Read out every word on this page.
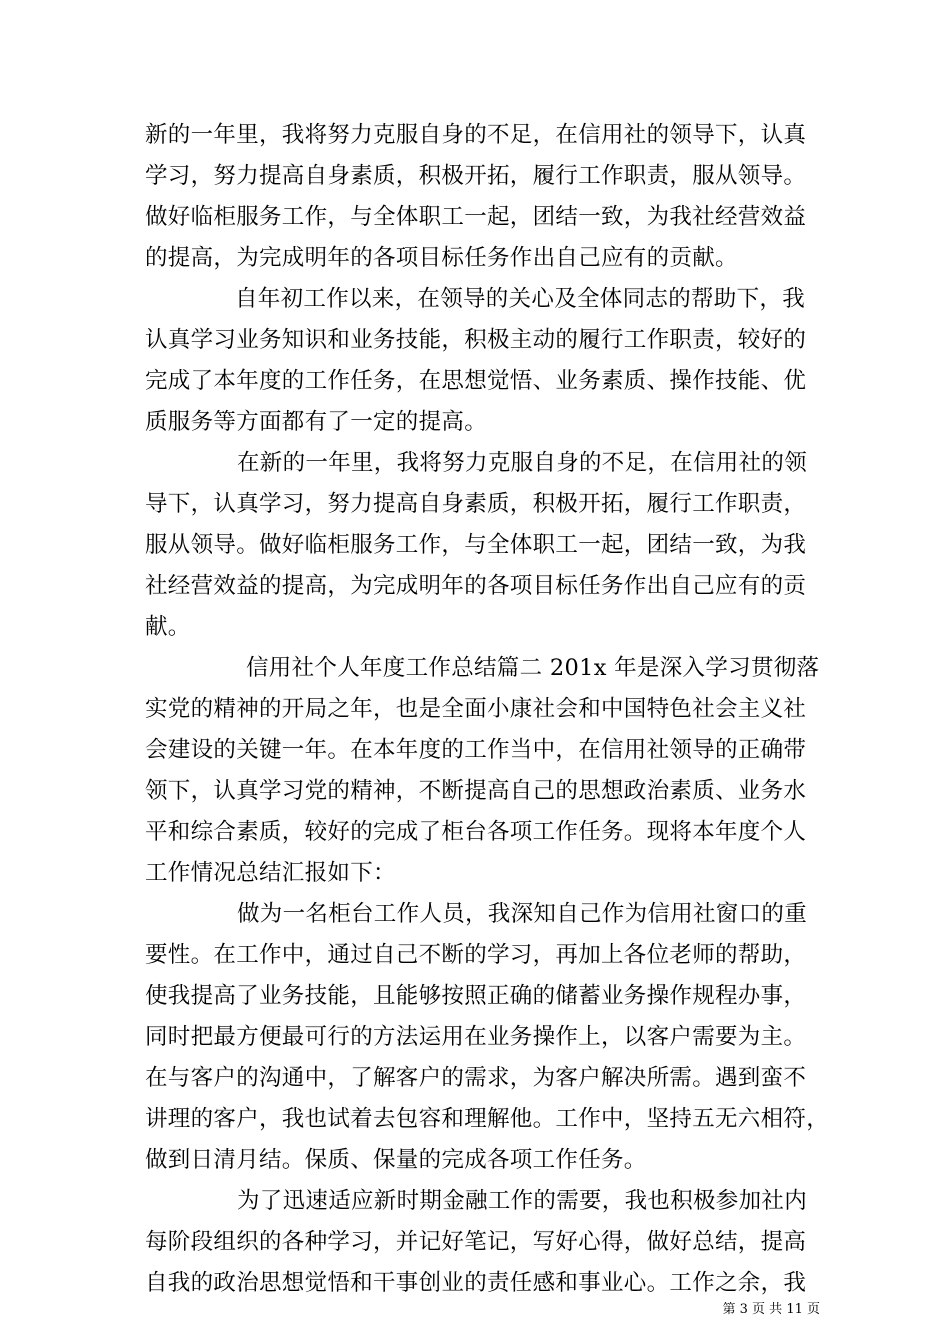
新的一年里，我将努力克服自身的不足，在信用社的领导下，认真
学习，努力提高自身素质，积极开拓，履行工作职责，服从领导。
做好临柜服务工作，与全体职工一起，团结一致，为我社经营效益
的提高，为完成明年的各项目标任务作出自己应有的贡献。
自年初工作以来，在领导的关心及全体同志的帮助下，我
认真学习业务知识和业务技能，积极主动的履行工作职责，较好的
完成了本年度的工作任务，在思想觉悟、业务素质、操作技能、优
质服务等方面都有了一定的提高。
在新的一年里，我将努力克服自身的不足，在信用社的领
导下，认真学习，努力提高自身素质，积极开拓，履行工作职责，
服从领导。做好临柜服务工作，与全体职工一起，团结一致，为我
社经营效益的提高，为完成明年的各项目标任务作出自己应有的贡
献。
信用社个人年度工作总结篇二 201x 年是深入学习贯彻落
实党的精神的开局之年，也是全面小康社会和中国特色社会主义社
会建设的关键一年。在本年度的工作当中，在信用社领导的正确带
领下，认真学习党的精神，不断提高自己的思想政治素质、业务水
平和综合素质，较好的完成了柜台各项工作任务。现将本年度个人
工作情况总结汇报如下：
做为一名柜台工作人员，我深知自己作为信用社窗口的重
要性。在工作中，通过自己不断的学习，再加上各位老师的帮助，
使我提高了业务技能，且能够按照正确的储蓄业务操作规程办事，
同时把最方便最可行的方法运用在业务操作上，以客户需要为主。
在与客户的沟通中，了解客户的需求，为客户解决所需。遇到蛮不
讲理的客户，我也试着去包容和理解他。工作中，坚持五无六相符，
做到日清月结。保质、保量的完成各项工作任务。
为了迅速适应新时期金融工作的需要，我也积极参加社内
每阶段组织的各种学习，并记好笔记，写好心得，做好总结，提高
自我的政治思想觉悟和干事创业的责任感和事业心。工作之余，我
第 3 页 共 11 页
